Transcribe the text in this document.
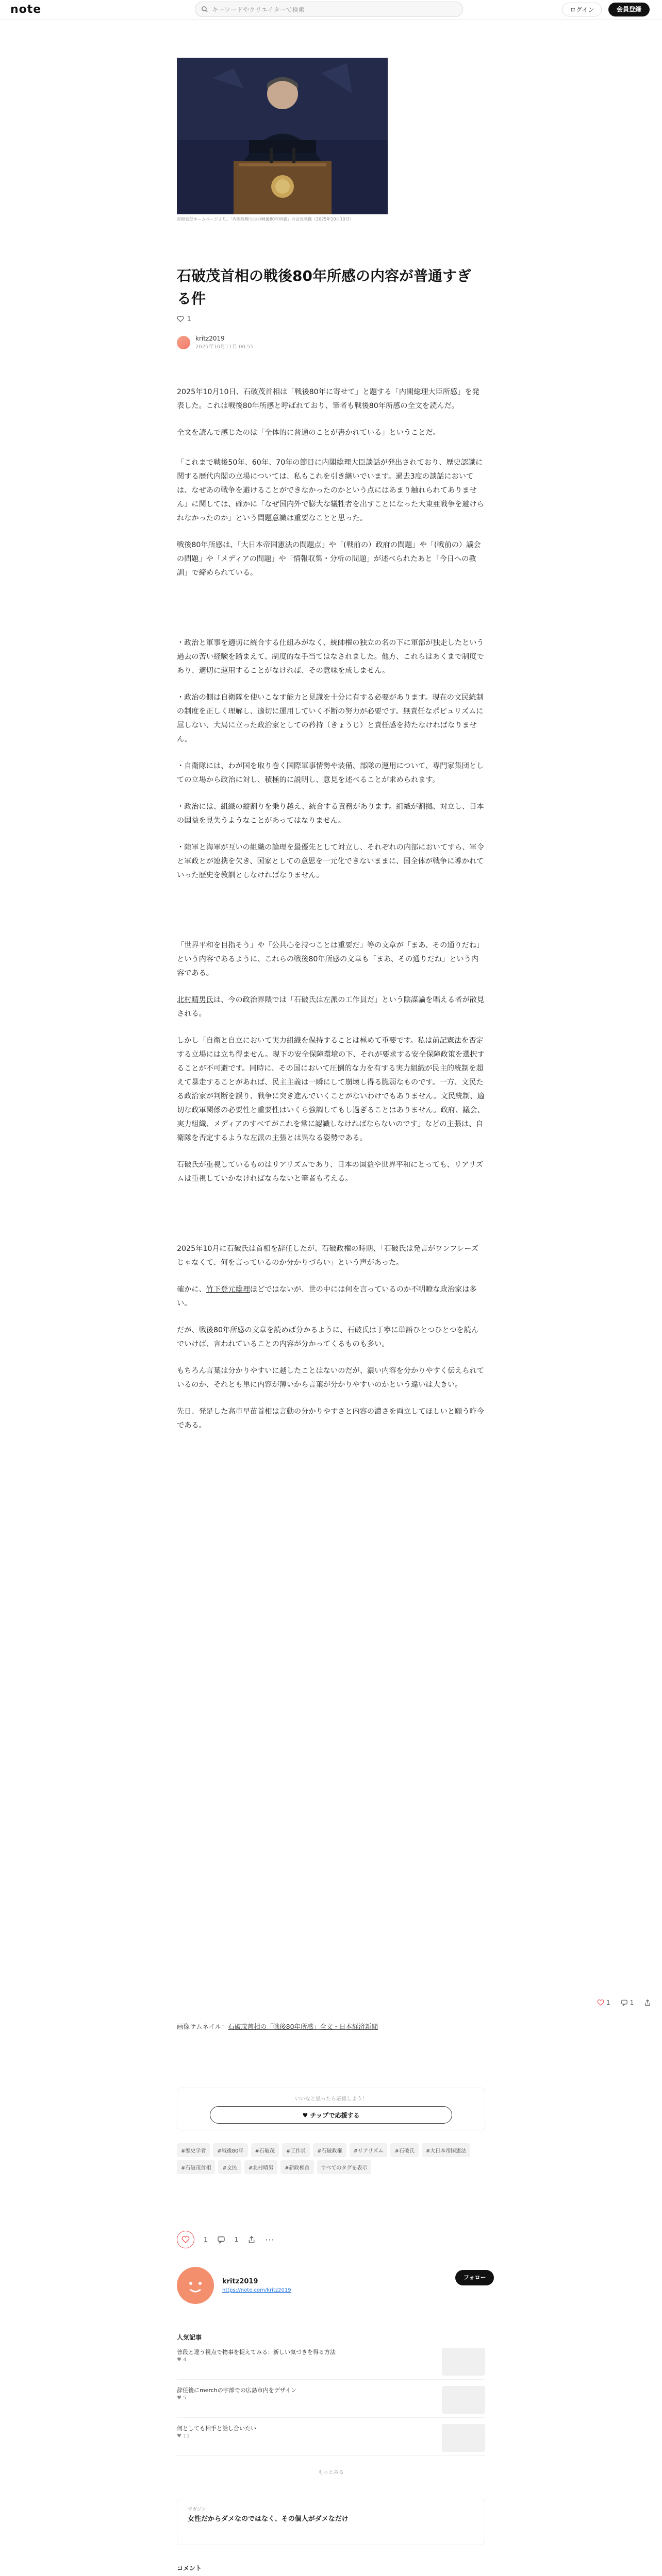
note	キーワードやクリエイターで検索	ログイン	会員登録
首相官邸ホームページより。「内閣総理大臣の戦後80年所感」の会見映像（2025年10月10日）
石破茂首相の戦後80年所感の内容が普通すぎる件
1
kritz2019
2025年10月11日 00:55

2025年10月10日、石破茂首相は「戦後80年に寄せて」と題する「内閣総理大臣所感」を発表した。これは戦後80年所感と呼ばれており、筆者も戦後80年所感の全文を読んだ。

全文を読んで感じたのは「全体的に普通のことが書かれている」ということだ。

「これまで戦後50年、60年、70年の節目に内閣総理大臣談話が発出されており、歴史認識に関する歴代内閣の立場については、私もこれを引き継いでいます。過去3度の談話においては、なぜあの戦争を避けることができなかったのかという点にはあまり触れられてありません」に関しては、確かに「なぜ国内外で膨大な犠牲者を出すことになった大東亜戦争を避けられなかったのか」という問題意識は重要なことと思った。

戦後80年所感は、「大日本帝国憲法の問題点」や「(戦前の）政府の問題」や「(戦前の）議会の問題」や「メディアの問題」や「情報収集・分析の問題」が述べられたあと「今日への教訓」で締められている。

・政治と軍事を適切に統合する仕組みがなく、統帥権の独立の名の下に軍部が独走したという過去の苦い経験を踏まえて、制度的な手当てはなされました。他方、これらはあくまで制度であり、適切に運用することがなければ、その意味を成しません。

・政治の側は自衛隊を使いこなす能力と見識を十分に有する必要があります。現在の文民統制の制度を正しく理解し、適切に運用していく不断の努力が必要です。無責任なポピュリズムに屈しない、大局に立った政治家としての矜持（きょうじ）と責任感を持たなければなりません。

・自衛隊には、わが国を取り巻く国際軍事情勢や装備、部隊の運用について、専門家集団としての立場から政治に対し、積極的に説明し、意見を述べることが求められます。

・政治には、組織の縦割りを乗り越え、統合する責務があります。組織が割拠、対立し、日本の国益を見失うようなことがあってはなりません。

・陸軍と海軍が互いの組織の論理を最優先として対立し、それぞれの内部においてすら、軍令と軍政とが連携を欠き、国家としての意思を一元化できないままに、国全体が戦争に導かれていった歴史を教訓としなければなりません。

「世界平和を目指そう」や「公共心を持つことは重要だ」等の文章が「まあ、その通りだね」という内容であるように、これらの戦後80年所感の文章も「まあ、その通りだね」という内容である。

北村晴男氏は、今の政治界隈では「石破氏は左派の工作員だ」という陰謀論を唱える者が散見される。

しかし「自衛と自立において実力組織を保持することは極めて重要です。私は前記憲法を否定する立場には立ち得ません。現下の安全保障環境の下、それが要求する安全保障政策を選択することが不可避です。同時に、その国において圧倒的な力を有する実力組織が民主的統制を超えて暴走することがあれば、民主主義は一瞬にして崩壊し得る脆弱なものです。一方、文民たる政治家が判断を誤り、戦争に突き進んでいくことがないわけでもありません。文民統制、適切な政軍関係の必要性と重要性はいくら強調してもし過ぎることはありません。政府、議会、実力組織、メディアのすべてがこれを常に認識しなければならないのです」などの主張は、自衛隊を否定するような左派の主張とは異なる姿勢である。

石破氏が重視しているものはリアリズムであり、日本の国益や世界平和にとっても、リアリズムは重視していかなければならないと筆者も考える。

2025年10月に石破氏は首相を辞任したが、石破政権の時期、「石破氏は発言がワンフレーズじゃなくて、何を言っているのか分かりづらい」という声があった。

確かに、竹下登元総理ほどではないが、世の中には何を言っているのか不明瞭な政治家は多い。

だが、戦後80年所感の文章を読めば分かるように、石破氏は丁寧に単語ひとつひとつを読んでいけば、言われていることの内容が分かってくるものも多い。

もちろん言葉は分かりやすいに越したことはないのだが、濃い内容を分かりやすく伝えられているのか、それとも単に内容が薄いから言葉が分かりやすいのかという違いは大きい。

先日、発足した高市早苗首相は言動の分かりやすさと内容の濃さを両立してほしいと願う昨今である。

1	1
画像サムネイル：石破茂首相の「戦後80年所感」全文・日本経済新聞
いいなと思ったら応援しよう！
♥ チップで応援する
#歴史学者	#戦後80年	#石破茂	#工作員	#石破政権	#リアリズム	#石破氏	#大日本帝国憲法
#石破茂首相	#文民	#北村晴男	#新政権首	すべてのタグを表示
1	1	···
kritz2019
https://note.com/kritz2019
フォロー
人気記事
普段と違う視点で物事を捉えてみる：新しい気づきを得る方法
♥ 4
辞任後にmerchの宇部での広島市内をデザイン
♥ 5
何としても相手と話し合いたい
♥ 11
もっとみる
マガジン
女性だからダメなのではなく、その個人がダメなだけ
コメント
